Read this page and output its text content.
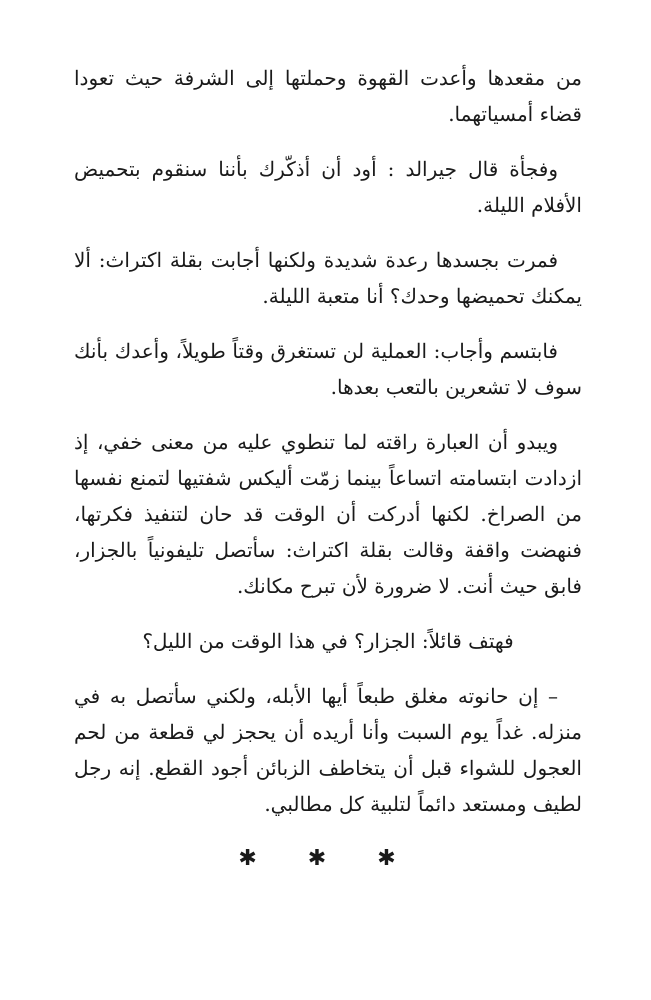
من مقعدها وأعدت القهوة وحملتها إلى الشرفة حيث تعودا قضاء أمسياتهما.

وفجأة قال جيرالد : أود أن أذكّرك بأننا سنقوم بتحميض الأفلام الليلة.

فمرت بجسدها رعدة شديدة ولكنها أجابت بقلة اكتراث: ألا يمكنك تحميضها وحدك؟ أنا متعبة الليلة.

فابتسم وأجاب: العملية لن تستغرق وقتاً طويلاً، وأعدك بأنك سوف لا تشعرين بالتعب بعدها.

ويبدو أن العبارة راقته لما تنطوي عليه من معنى خفي، إذ ازدادت ابتسامته اتساعاً بينما زمّت أليكس شفتيها لتمنع نفسها من الصراخ. لكنها أدركت أن الوقت قد حان لتنفيذ فكرتها، فنهضت واقفة وقالت بقلة اكتراث: سأتصل تليفونياً بالجزار، فابق حيث أنت. لا ضرورة لأن تبرح مكانك.

فهتف قائلاً: الجزار؟ في هذا الوقت من الليل؟

– إن حانوته مغلق طبعاً أيها الأبله، ولكني سأتصل به في منزله. غداً يوم السبت وأنا أريده أن يحجز لي قطعة من لحم العجول للشواء قبل أن يتخاطف الزبائن أجود القطع. إنه رجل لطيف ومستعد دائماً لتلبية كل مطالبي.

✱ ✱ ✱
